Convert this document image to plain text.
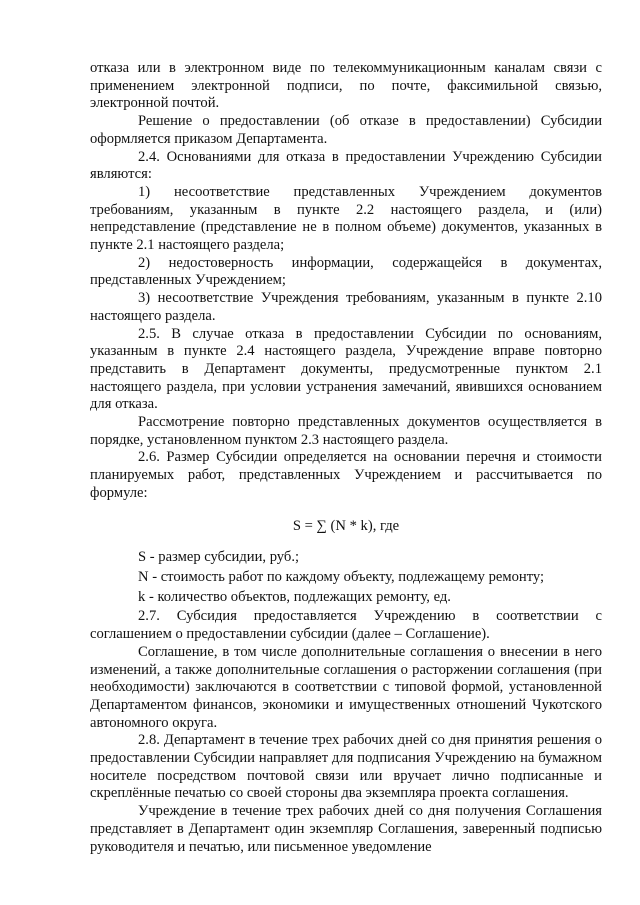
отказа или в электронном виде по телекоммуникационным каналам связи с применением электронной подписи, по почте, факсимильной связью, электронной почтой.

Решение о предоставлении (об отказе в предоставлении) Субсидии оформляется приказом Департамента.

2.4. Основаниями для отказа в предоставлении Учреждению Субсидии являются:

1) несоответствие представленных Учреждением документов требованиям, указанным в пункте 2.2 настоящего раздела, и (или) непредставление (представление не в полном объеме) документов, указанных в пункте 2.1 настоящего раздела;

2) недостоверность информации, содержащейся в документах, представленных Учреждением;

3) несоответствие Учреждения требованиям, указанным в пункте 2.10 настоящего раздела.

2.5. В случае отказа в предоставлении Субсидии по основаниям, указанным в пункте 2.4 настоящего раздела, Учреждение вправе повторно представить в Департамент документы, предусмотренные пунктом 2.1 настоящего раздела, при условии устранения замечаний, явившихся основанием для отказа.

Рассмотрение повторно представленных документов осуществляется в порядке, установленном пунктом 2.3 настоящего раздела.

2.6. Размер Субсидии определяется на основании перечня и стоимости планируемых работ, представленных Учреждением и рассчитывается по формуле:

S = ∑ (N * k), где

S - размер субсидии, руб.;

N - стоимость работ по каждому объекту, подлежащему ремонту;

k - количество объектов, подлежащих ремонту, ед.

2.7. Субсидия предоставляется Учреждению в соответствии с соглашением о предоставлении субсидии (далее – Соглашение).

Соглашение, в том числе дополнительные соглашения о внесении в него изменений, а также дополнительные соглашения о расторжении соглашения (при необходимости) заключаются в соответствии с типовой формой, установленной Департаментом финансов, экономики и имущественных отношений Чукотского автономного округа.

2.8. Департамент в течение трех рабочих дней со дня принятия решения о предоставлении Субсидии направляет для подписания Учреждению на бумажном носителе посредством почтовой связи или вручает лично подписанные и скреплённые печатью со своей стороны два экземпляра проекта соглашения.

Учреждение в течение трех рабочих дней со дня получения Соглашения представляет в Департамент один экземпляр Соглашения, заверенный подписью руководителя и печатью, или письменное уведомление
